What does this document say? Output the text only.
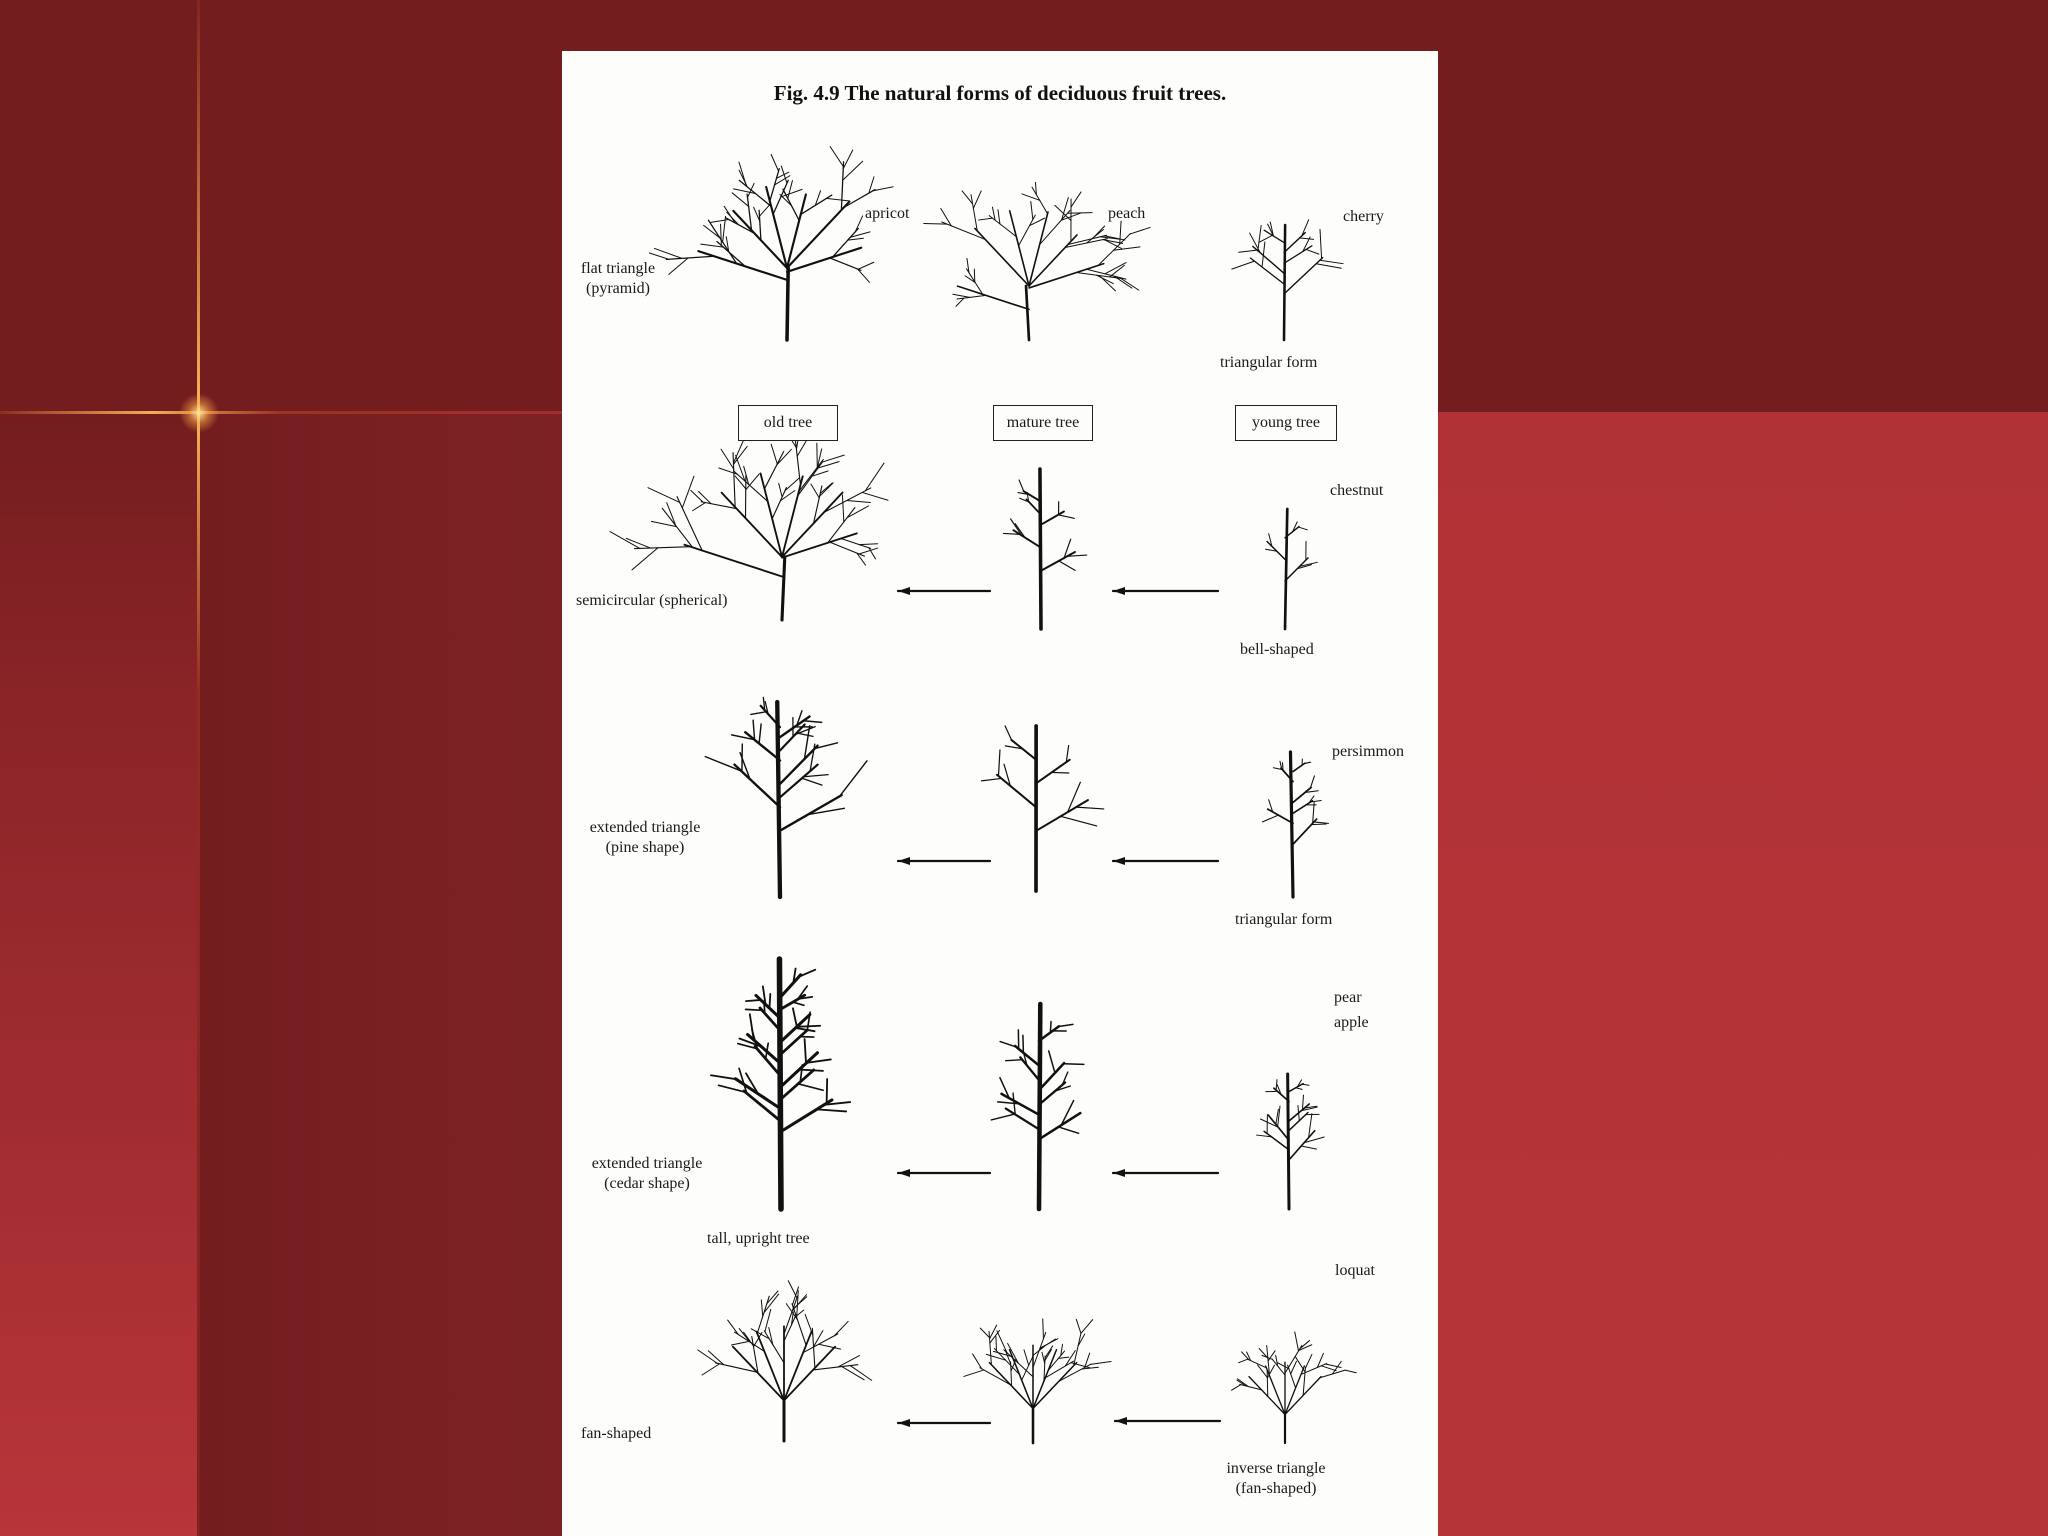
Fig. 4.9 The natural forms of deciduous fruit trees.
flat triangle
(pyramid)
apricot	peach	cherry
triangular form
old tree	mature tree	young tree
chestnut
semicircular (spherical)
bell-shaped
persimmon
extended triangle
(pine shape)
triangular form
pear
apple
extended triangle
(cedar shape)
tall, upright tree
loquat
fan-shaped
inverse triangle
(fan-shaped)
